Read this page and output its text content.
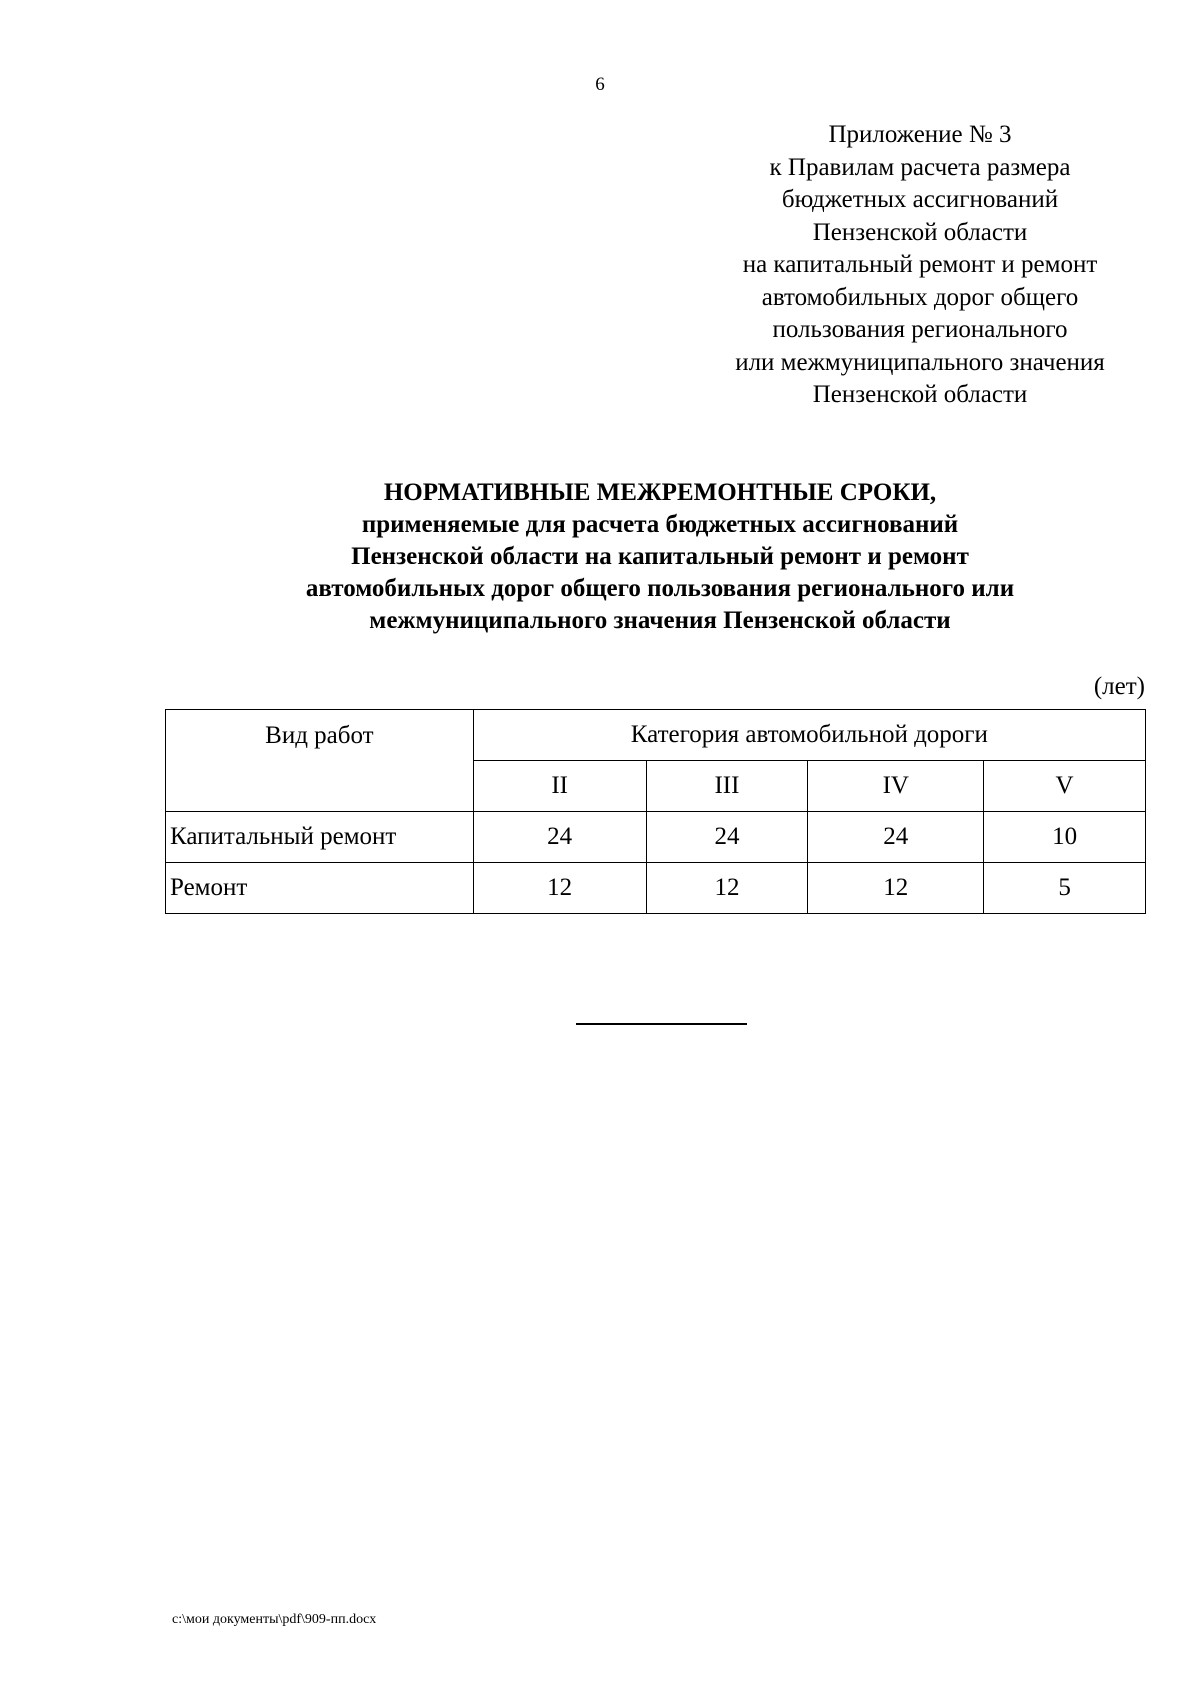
6
Приложение № 3
к Правилам расчета размера
бюджетных ассигнований
Пензенской области
на капитальный ремонт и ремонт
автомобильных дорог общего
пользования регионального
или межмуниципального значения
Пензенской области
НОРМАТИВНЫЕ МЕЖРЕМОНТНЫЕ СРОКИ,
применяемые для расчета бюджетных ассигнований
Пензенской области на капитальный ремонт и ремонт
автомобильных дорог общего пользования регионального или
межмуниципального значения Пензенской области
(лет)
Вид работ	Категория автомобильной дороги			
	II	III	IV	V
Капитальный ремонт	24	24	24	10
Ремонт	12	12	12	5
c:\мои документы\pdf\909-пп.docx
